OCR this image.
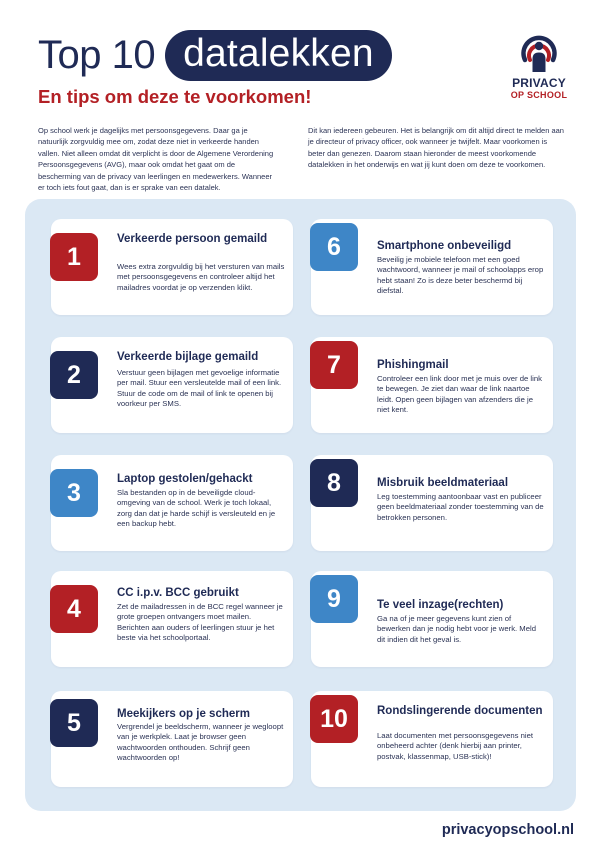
Top 10 datalekken
En tips om deze te voorkomen!
PRIVACY
OP SCHOOL

Op school werk je dagelijks met persoonsgegevens. Daar ga je natuurlijk zorgvuldig mee om, zodat deze niet in verkeerde handen vallen. Niet alleen omdat dit verplicht is door de Algemene Verordening Persoonsgegevens (AVG), maar ook omdat het gaat om de bescherming van de privacy van leerlingen en medewerkers. Wanneer er toch iets fout gaat, dan is er sprake van een datalek.

Dit kan iedereen gebeuren. Het is belangrijk om dit altijd direct te melden aan je directeur of privacy officer, ook wanneer je twijfelt. Maar voorkomen is beter dan genezen. Daarom staan hieronder de meest voorkomende datalekken in het onderwijs en wat jij kunt doen om deze te voorkomen.

1
Verkeerde persoon gemaild
Wees extra zorgvuldig bij het versturen van mails met persoonsgegevens en controleer altijd het mailadres voordat je op verzenden klikt.
2
Verkeerde bijlage gemaild
Verstuur geen bijlagen met gevoelige informatie per mail. Stuur een versleutelde mail of een link. Stuur de code om de mail of link te openen bij voorkeur per SMS.
3	Laptop gestolen/gehackt
Sla bestanden op in de beveiligde cloud-omgeving van de school. Werk je toch lokaal, zorg dan dat je harde schijf is versleuteld en je een backup hebt.
4
CC i.p.v. BCC gebruikt
Zet de mailadressen in de BCC regel wanneer je grote groepen ontvangers moet mailen. Berichten aan ouders of leerlingen stuur je het beste via het schoolportaal.
5	Meekijkers op je scherm
Vergrendel je beeldscherm, wanneer je wegloopt van je werkplek. Laat je browser geen wachtwoorden onthouden. Schrijf geen wachtwoorden op!
6	Smartphone onbeveiligd
Beveilig je mobiele telefoon met een goed wachtwoord, wanneer je mail of schoolapps erop hebt staan! Zo is deze beter beschermd bij diefstal.
7	Phishingmail
Controleer een link door met je muis over de link te bewegen. Je ziet dan waar de link naartoe leidt. Open geen bijlagen van afzenders die je niet kent.
8	Misbruik beeldmateriaal
Leg toestemming aantoonbaar vast en publiceer geen beeldmateriaal zonder toestemming van de betrokken personen.
9	Te veel inzage(rechten)
Ga na of je meer gegevens kunt zien of bewerken dan je nodig hebt voor je werk. Meld dit indien dit het geval is.
10	Rondslingerende documenten
Laat documenten met persoonsgegevens niet onbeheerd achter (denk hierbij aan printer, postvak, klassenmap, USB-stick)!
privacyopschool.nl
